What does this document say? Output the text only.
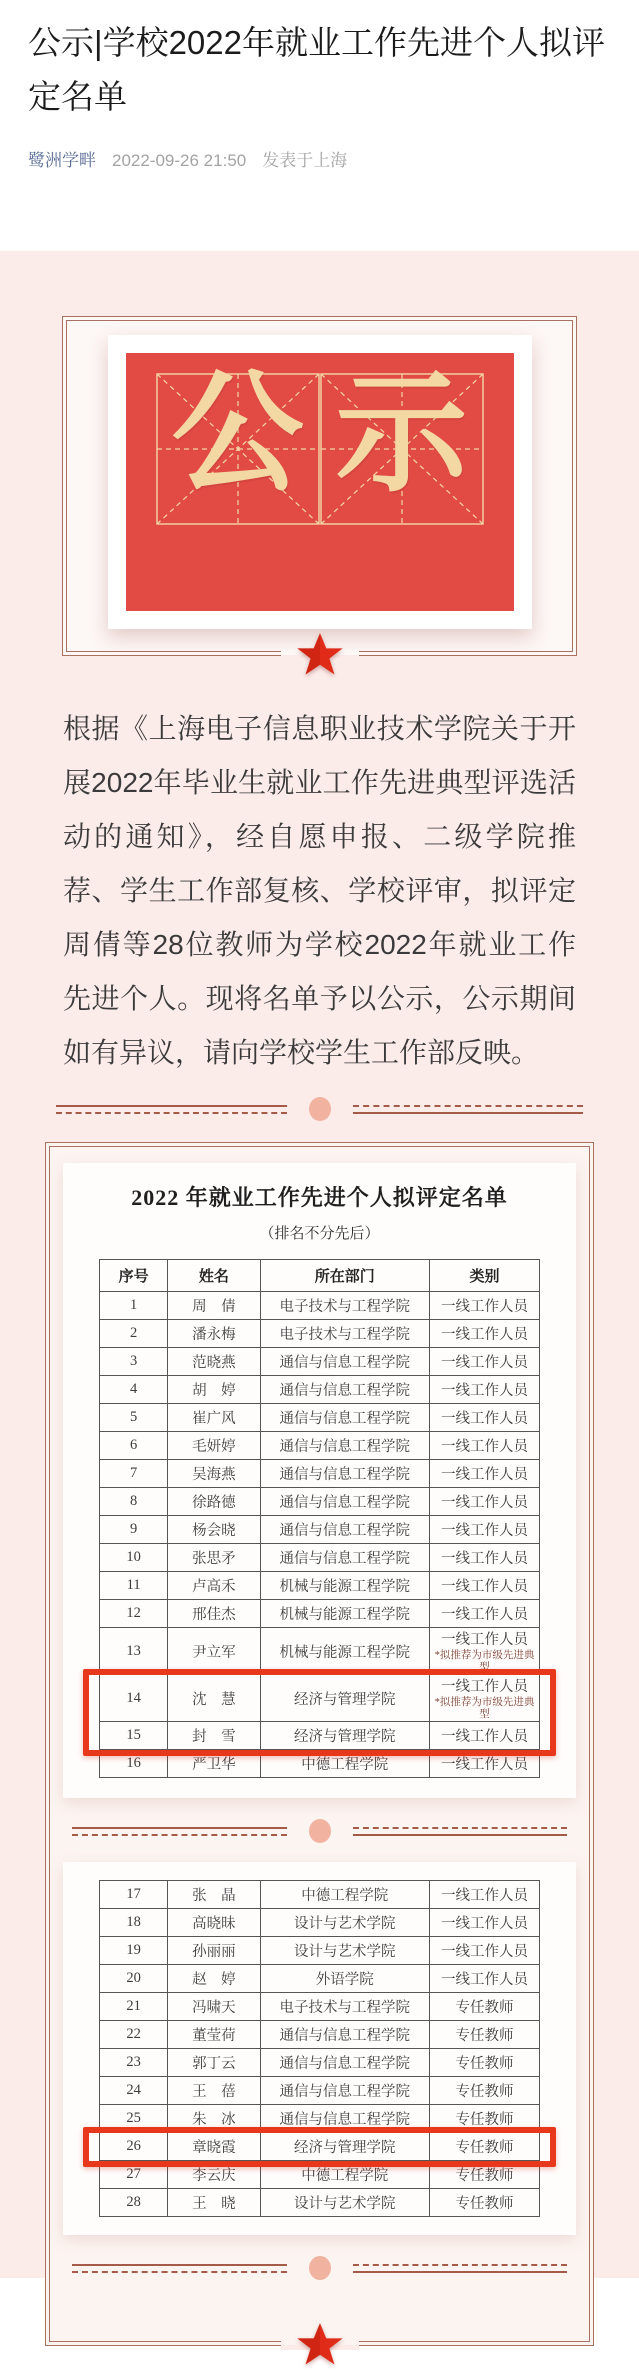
公示|学校2022年就业工作先进个人拟评定名单
鹭洲学畔 2022-09-26 21:50 发表于上海
公 示
根据《上海电子信息职业技术学院关于开展2022年毕业生就业工作先进典型评选活动的通知》，经自愿申报、二级学院推荐、学生工作部复核、学校评审，拟评定周倩等28位教师为学校2022年就业工作先进个人。现将名单予以公示，公示期间如有异议，请向学校学生工作部反映。
2022 年就业工作先进个人拟评定名单
（排名不分先后）
序号	姓名	所在部门	类别
1	周　倩	电子技术与工程学院	一线工作人员

2	潘永梅	电子技术与工程学院	一线工作人员

3	范晓燕	通信与信息工程学院	一线工作人员

4	胡　婷	通信与信息工程学院	一线工作人员

5	崔广风	通信与信息工程学院	一线工作人员

6	毛妍婷	通信与信息工程学院	一线工作人员

7	吴海燕	通信与信息工程学院	一线工作人员

8	徐路德	通信与信息工程学院	一线工作人员

9	杨会晓	通信与信息工程学院	一线工作人员

10	张思矛	通信与信息工程学院	一线工作人员

11	卢高禾	机械与能源工程学院	一线工作人员

12	邢佳杰	机械与能源工程学院	一线工作人员

13	尹立军	机械与能源工程学院	一线工作人员
*拟推荐为市级先进典型

14	沈　慧	经济与管理学院	一线工作人员
*拟推荐为市级先进典型

15	封　雪	经济与管理学院	一线工作人员

16	严卫华	中德工程学院	一线工作人员
17	张　晶	中德工程学院	一线工作人员

18	高晓昧	设计与艺术学院	一线工作人员

19	孙丽丽	设计与艺术学院	一线工作人员

20	赵　婷	外语学院	一线工作人员

21	冯啸天	电子技术与工程学院	专任教师

22	董莹荷	通信与信息工程学院	专任教师

23	郭丁云	通信与信息工程学院	专任教师

24	王　蓓	通信与信息工程学院	专任教师

25	朱　冰	通信与信息工程学院	专任教师

26	章晓霞	经济与管理学院	专任教师

27	李云庆	中德工程学院	专任教师

28	王　晓	设计与艺术学院	专任教师
